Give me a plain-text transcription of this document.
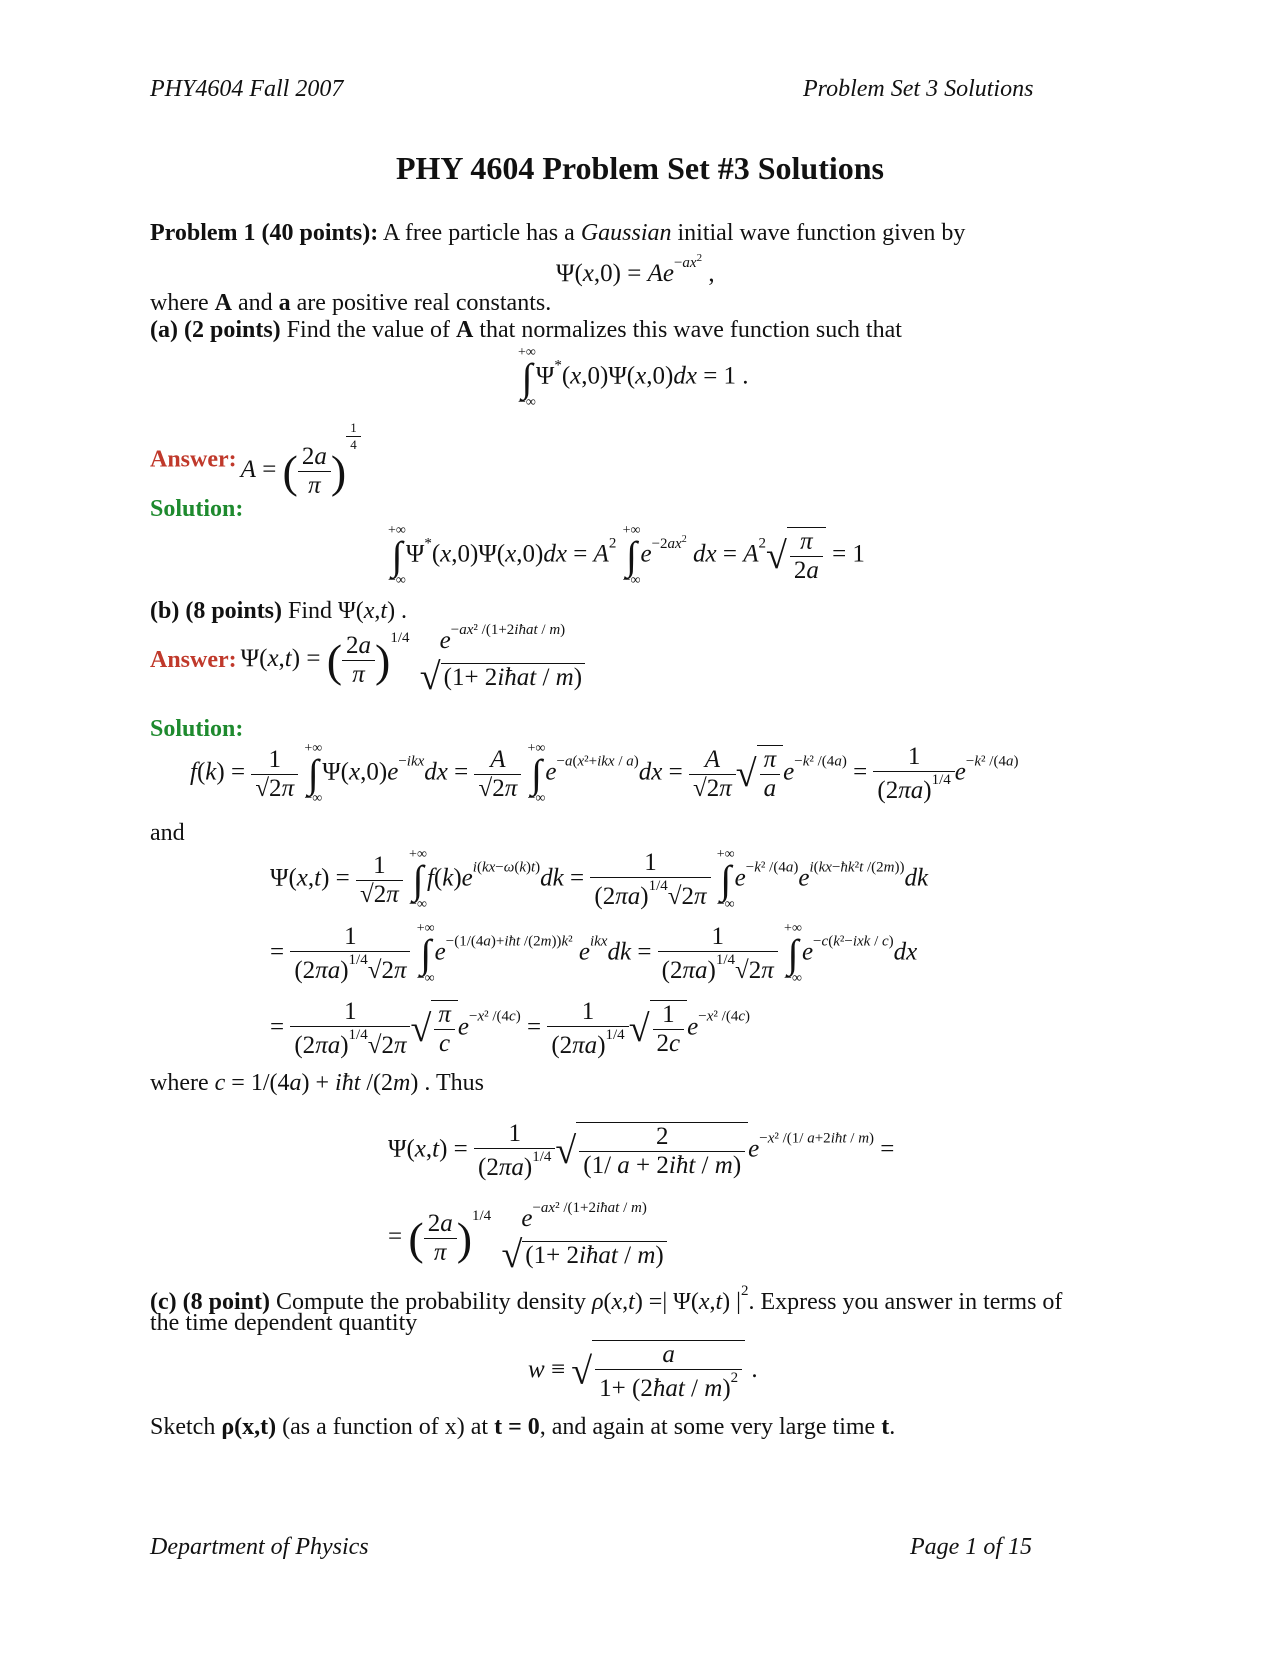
PHY4604 Fall 2007	Problem Set 3 Solutions
PHY 4604 Problem Set #3 Solutions
Problem 1 (40 points): A free particle has a Gaussian initial wave function given by
$\Psi(x,0) = Ae^{-ax^2}$ ,
where A and a are positive real constants.
(a) (2 points) Find the value of A that normalizes this wave function such that
+∞
∫
−∞
Ψ*(x,0)Ψ(x,0)dx = 1 .
Answer: A = ( $\frac{2a}{\pi}$ )
$\frac{1}{4}$
Solution:
+∞
∫
−∞
$\Psi^*(x,0)\Psi(x,0)dx = A^2$
+∞
∫
−∞
$e^{-2ax^2}$ dx = $A^2√ \frac{\pi}{2a} = 1$
(b) (8 points) Find Ψ(x,t) .
Answer: Ψ(x,t) = ( $\frac{2a}{\pi} )^{1/4}$	$e^{-ax^2 /(1+2iħat / m)}$
√ (1+ 2iħat / m)
Solution:
$f(k) = \frac{1}{√2\pi}$
+∞
∫
−∞
$\Psi(x,0)e^{-ikx}dx = \frac{A}{√2\pi}$
+∞
∫
−∞
$e^{-a(x^2+ikx / a)}dx = \frac{A}{√2\pi}$ √ $\frac{\pi}{a} e^{-k^2 /(4a)} = \frac{1}{(2\pi a)^{1/4}} e^{-k^2 /(4a)}$
and
$\Psi(x,t) = \frac{1}{√2\pi}$
+∞
∫
−∞
$f(k)e^{i(kx-\omega(k)t)}dk = \frac{1}{(2\pi a)^{1/4}√2\pi}$
+∞
∫
−∞
$e^{-k^2 /(4a)}e^{i(kx-ħk^2t /(2m))}dk$
= $\frac{1}{(2\pi a)^{1/4}√2\pi}$
+∞
∫
−∞
$e^{-(1/(4a)+iħt /(2m))k^2}$ $e^{ikx}dk = \frac{1}{(2\pi a)^{1/4}√2\pi}$
+∞
∫
−∞
$e^{-c(k^2-ixk / c)}dx$
= $\frac{1}{(2\pi a)^{1/4}√2\pi}$ √ $\frac{\pi}{c} e^{-x^2 /(4c)} = \frac{1}{(2\pi a)^{1/4}}$ √ $\frac{1}{2c} e^{-x^2 /(4c)}$
where c = 1/(4a) + iħt /(2m) . Thus
$\Psi(x,t) = \frac{1}{(2\pi a)^{1/4}}$ √ $\frac{2}{\text{(1/ a + 2iħt / m)}} e^{-x^2 /(1/ a+2iħt / m)}$ =
= ( $\frac{2a}{\pi} )^{1/4}$	$e^{-ax^2 /(1+2iħat / m)}$
√ (1+ 2iħat / m)
(c) (8 point) Compute the probability density ρ(x,t) =| Ψ(x,t) $|^2$. Express you answer in terms of
the time dependent quantity
w ≡ √ $\frac{a}{1+ (2ħat / m)^2}$ .
Sketch ρ(x,t) (as a function of x) at t = 0, and again at some very large time t.
Department of Physics	Page 1 of 15
